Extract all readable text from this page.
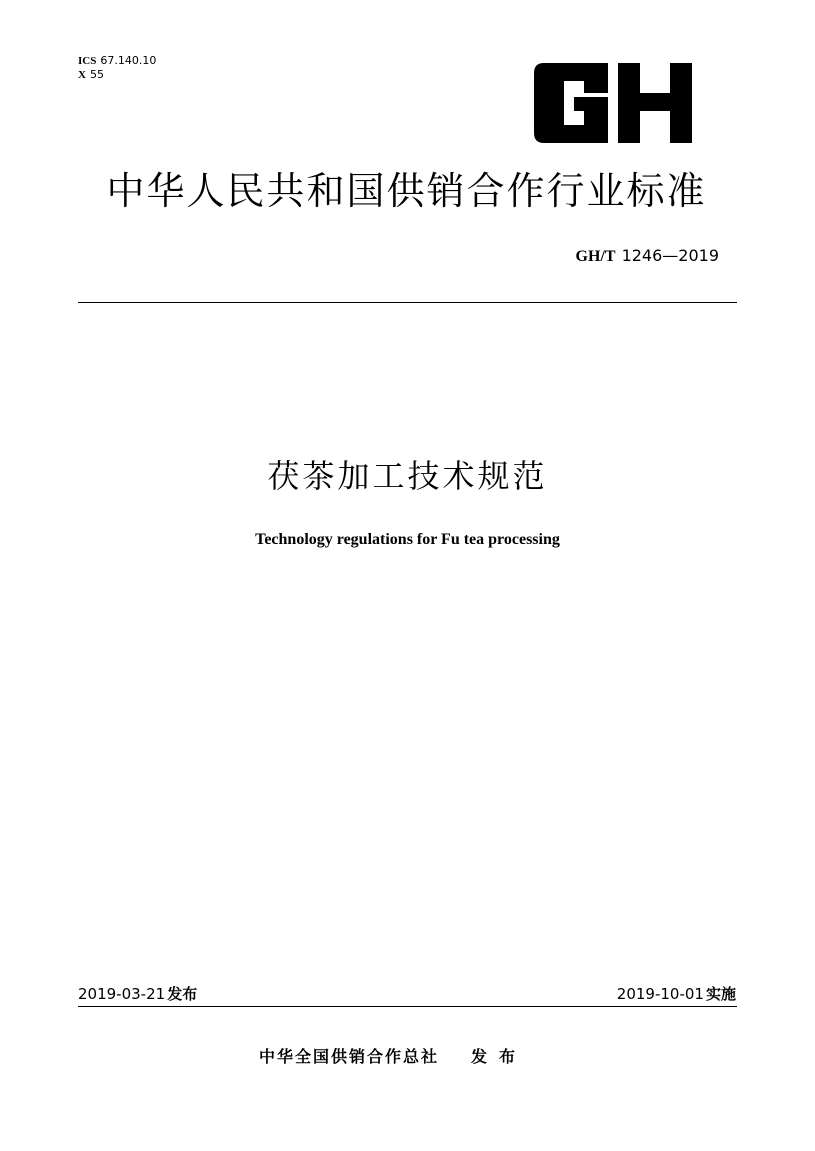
ICS 67.140.10
X 55
中华人民共和国供销合作行业标准
GH/T 1246—2019
茯茶加工技术规范
Technology regulations for Fu tea processing
2019-03-21 发布	2019-10-01 实施
中华全国供销合作总社 发布
